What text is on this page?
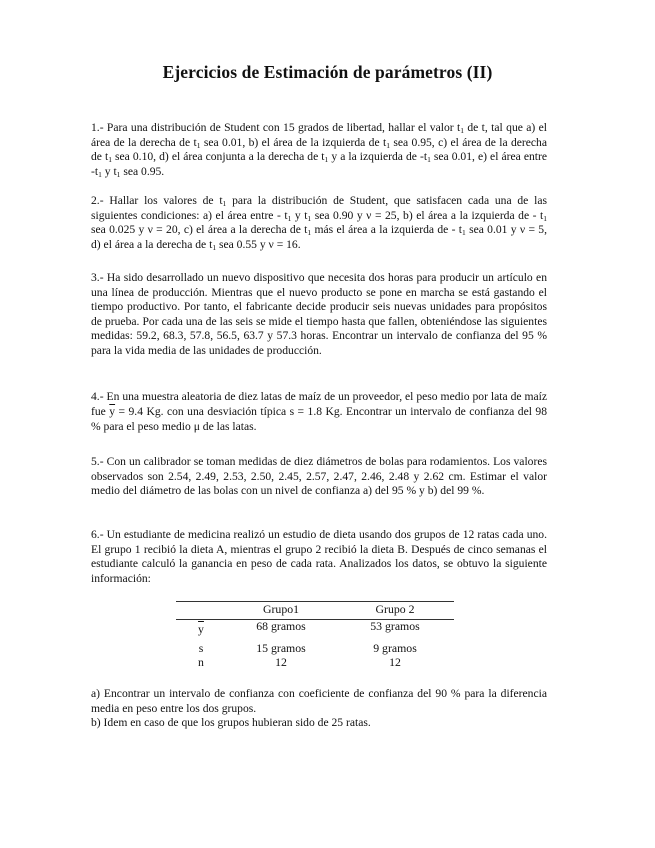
Ejercicios de Estimación de parámetros (II)

1.- Para una distribución de Student con 15 grados de libertad, hallar el valor $t_1$ de t, tal que a) el área de la derecha de $t_1$ sea 0.01, b) el área de la izquierda de $t_1$ sea 0.95, c) el área de la derecha de $t_1$ sea 0.10, d) el área conjunta a la derecha de $t_1$ y a la izquierda de $-t_1$ sea 0.01, e) el área entre $-t_1$ y $t_1$ sea 0.95.

2.- Hallar los valores de $t_1$ para la distribución de Student, que satisfacen cada una de las siguientes condiciones: a) el área entre - $t_1$ y $t_1$ sea 0.90 y ν = 25, b) el área a la izquierda de - $t_1$ sea 0.025 y ν = 20, c) el área a la derecha de $t_1$ más el área a la izquierda de - $t_1$ sea 0.01 y ν = 5, d) el área a la derecha de $t_1$ sea 0.55 y ν = 16.

3.- Ha sido desarrollado un nuevo dispositivo que necesita dos horas para producir un artículo en una línea de producción. Mientras que el nuevo producto se pone en marcha se está gastando el tiempo productivo. Por tanto, el fabricante decide producir seis nuevas unidades para propósitos de prueba. Por cada una de las seis se mide el tiempo hasta que fallen, obteniéndose las siguientes medidas: 59.2, 68.3, 57.8, 56.5, 63.7 y 57.3 horas. Encontrar un intervalo de confianza del 95 % para la vida media de las unidades de producción.

4.- En una muestra aleatoria de diez latas de maíz de un proveedor, el peso medio por lata de maíz fue $\overline{y} = 9.4$ Kg. con una desviación típica s = 1.8 Kg. Encontrar un intervalo de confianza del 98 % para el peso medio μ de las latas.

5.- Con un calibrador se toman medidas de diez diámetros de bolas para rodamientos. Los valores observados son 2.54, 2.49, 2.53, 2.50, 2.45, 2.57, 2.47, 2.46, 2.48 y 2.62 cm. Estimar el valor medio del diámetro de las bolas con un nivel de confianza a) del 95 % y b) del 99 %.

6.- Un estudiante de medicina realizó un estudio de dieta usando dos grupos de 12 ratas cada uno. El grupo 1 recibió la dieta A, mientras el grupo 2 recibió la dieta B. Después de cinco semanas el estudiante calculó la ganancia en peso de cada rata. Analizados los datos, se obtuvo la siguiente información:

	Grupo1	Grupo 2
$\overline{y}$	68 gramos	53 gramos
s	15 gramos	9 gramos
n	12	12

a) Encontrar un intervalo de confianza con coeficiente de confianza del 90 % para la diferencia media en peso entre los dos grupos.

b) Idem en caso de que los grupos hubieran sido de 25 ratas.
